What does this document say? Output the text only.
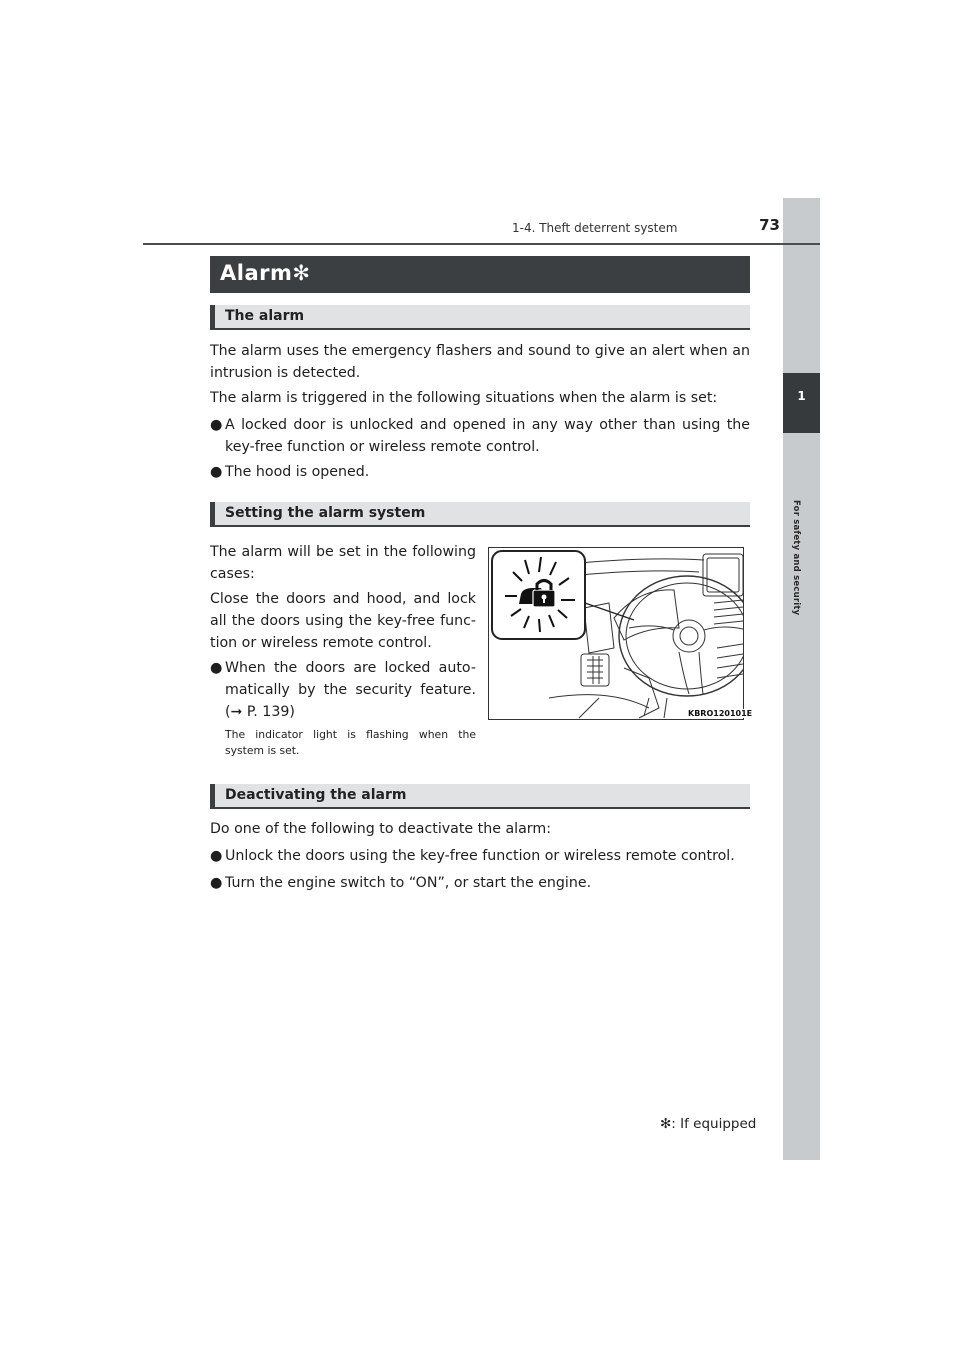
1
For safety and security
1-4. Theft deterrent system	73
Alarm✻
The alarm
The alarm uses the emergency flashers and sound to give an alert when an intrusion is detected.
The alarm is triggered in the following situations when the alarm is set:
● A locked door is unlocked and opened in any way other than using the key-free function or wireless remote control.
● The hood is opened.
Setting the alarm system
The alarm will be set in the following cases:
Close the doors and hood, and lock all the doors using the key-free func-tion or wireless remote control.
● When the doors are locked auto-matically by the security feature. (➞ P. 139)
The indicator light is flashing when the system is set.
KBRO120101E
Deactivating the alarm
Do one of the following to deactivate the alarm:
● Unlock the doors using the key-free function or wireless remote control.
● Turn the engine switch to “ON”, or start the engine.
✻: If equipped
